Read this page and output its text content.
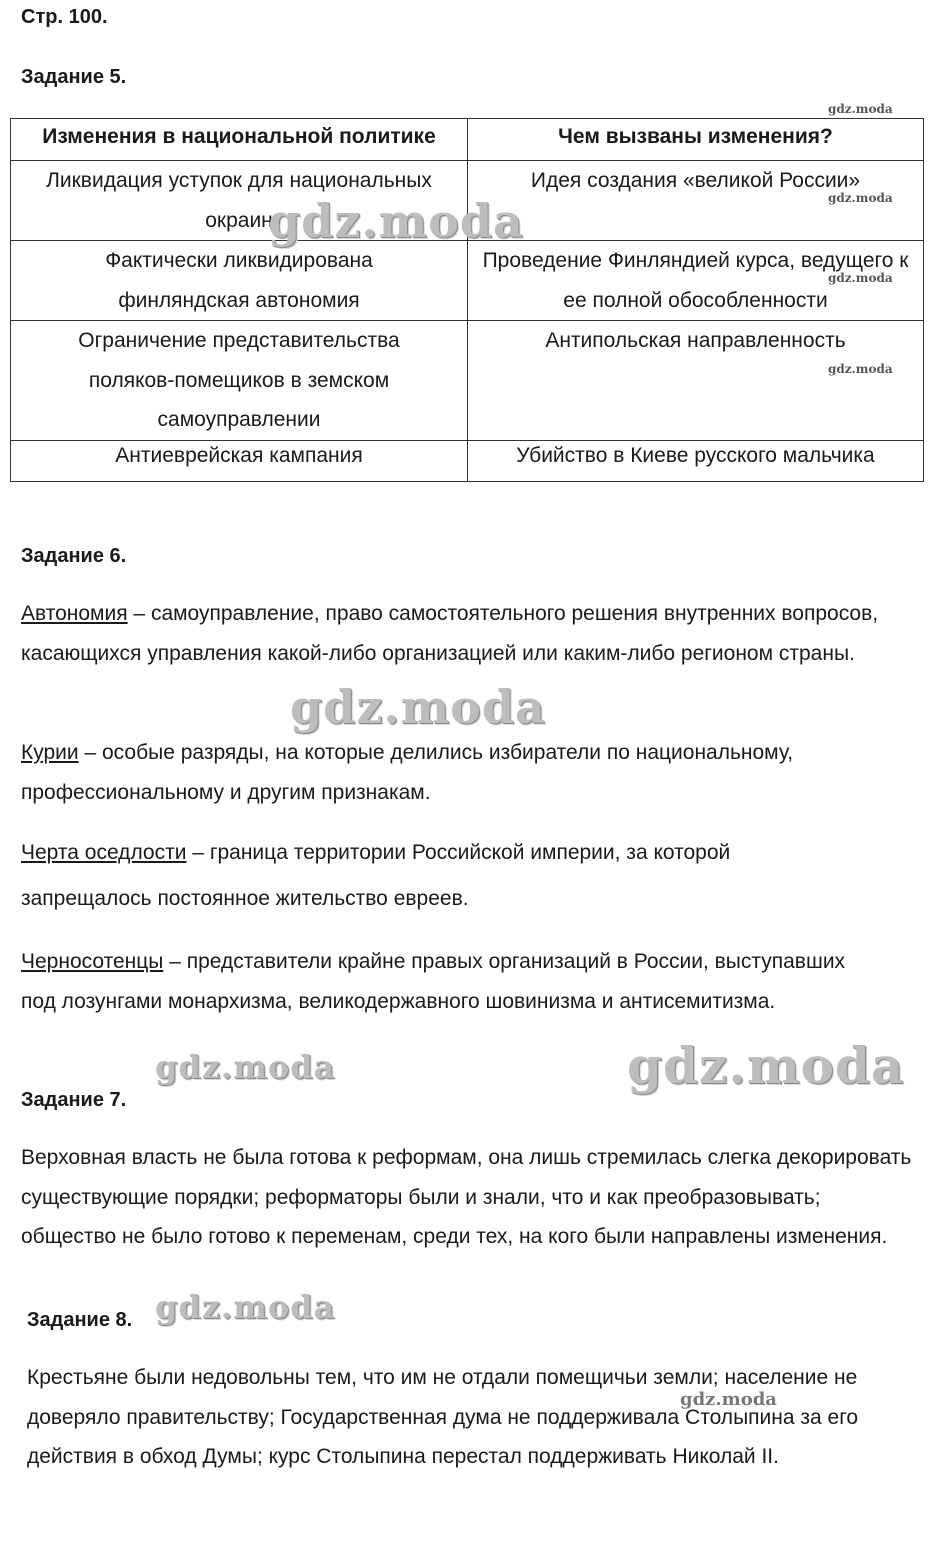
Стр. 100.
Задание 5.
Изменения в национальной политике	Чем вызваны изменения?
Ликвидация уступок для национальных окраин	Идея создания «великой России»
Фактически ликвидирована финляндская автономия	Проведение Финляндией курса, ведущего к ее полной обособленности
Ограничение представительства поляков-помещиков в земском самоуправлении	Антипольская направленность
Антиеврейская кампания	Убийство в Киеве русского мальчика
Задание 6.
Автономия – самоуправление, право самостоятельного решения внутренних вопросов, касающихся управления какой-либо организацией или каким-либо регионом страны.
Курии – особые разряды, на которые делились избиратели по национальному, профессиональному и другим признакам.
Черта оседлости – граница территории Российской империи, за которой запрещалось постоянное жительство евреев.
Черносотенцы – представители крайне правых организаций в России, выступавших под лозунгами монархизма, великодержавного шовинизма и антисемитизма.
Задание 7.
Верховная власть не была готова к реформам, она лишь стремилась слегка декорировать существующие порядки; реформаторы были и знали, что и как преобразовывать; общество не было готово к переменам, среди тех, на кого были направлены изменения.
Задание 8.
Крестьяне были недовольны тем, что им не отдали помещичьи земли; население не доверяло правительству; Государственная дума не поддерживала Столыпина за его действия в обход Думы; курс Столыпина перестал поддерживать Николай II.
gdz.moda
gdz.moda
gdz.moda
gdz.moda
gdz.moda
gdz.moda
gdz.moda
gdz.moda	gdz.moda
gdz.moda
